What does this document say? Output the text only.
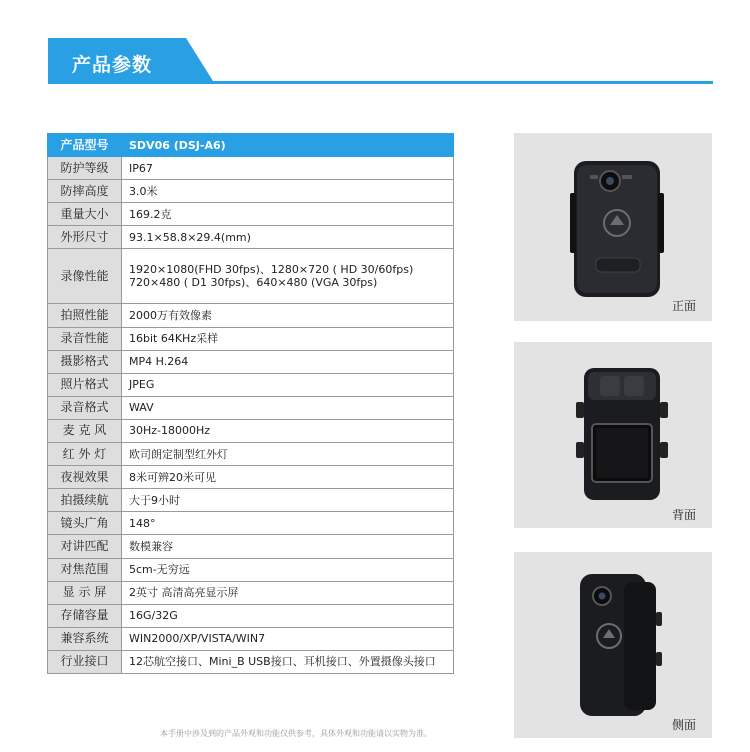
产品参数
产品型号	SDV06 (DSJ-A6)
防护等级	IP67
防摔高度	3.0米
重量大小	169.2克
外形尺寸	93.1×58.8×29.4(mm)
录像性能	1920×1080(FHD 30fps)、1280×720 ( HD 30/60fps)
720×480 ( D1 30fps)、640×480 (VGA 30fps)

拍照性能	2000万有效像素
录音性能	16bit 64KHz采样
摄影格式	MP4 H.264
照片格式	JPEG
录音格式	WAV
麦 克 风	30Hz-18000Hz
红 外 灯	欧司朗定制型红外灯
夜视效果	8米可辨20米可见
拍摄续航	大于9小时
镜头广角	148°
对讲匹配	数模兼容
对焦范围	5cm-无穷远
显 示 屏	2英寸 高清高亮显示屏
存储容量	16G/32G
兼容系统	WIN2000/XP/VISTA/WIN7
行业接口	12芯航空接口、Mini_B USB接口、耳机接口、外置摄像头接口
正面
背面
侧面
本手册中涉及到的产品外观和功能仅供参考，具体外观和功能请以实物为准。
